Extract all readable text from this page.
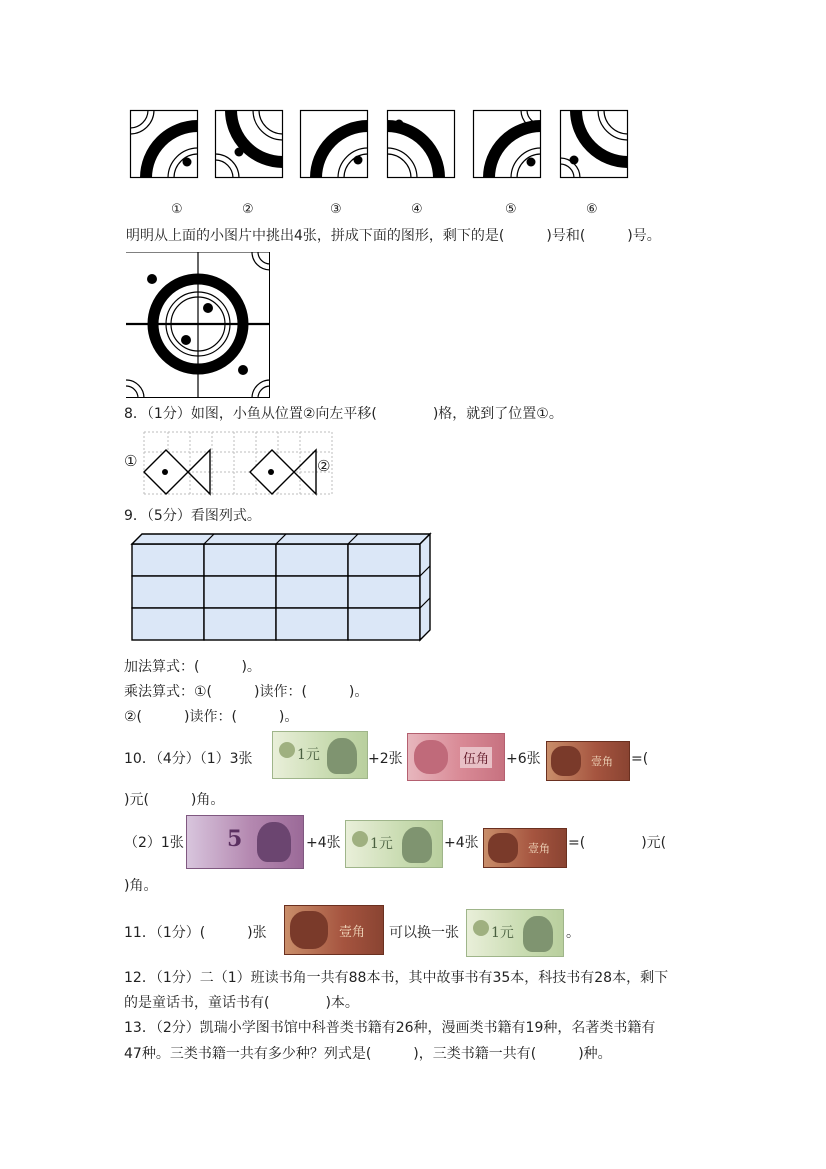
①	②	③	④	⑤	⑥
明明从上面的小图片中挑出4张，拼成下面的图形，剩下的是(　　　)号和(　　　)号。
8．（1分）如图，小鱼从位置②向左平移(　　　　)格，就到了位置①。
①	②
9．（5分）看图列式。
加法算式：(　　　)。
乘法算式：①(　　　)读作：(　　　)。
②(　　　)读作：(　　　)。
10．（4分）（1）3张	1元	+2张	伍角 +6张	壹角 =(
)元(　　　)角。
（2）1张 5	+4张 1元	+4张	壹角 =(　　　　)元(
)角。
11．（1分）(　　　)张	壹角 可以换一张 1元	。
12．（1分）二（1）班读书角一共有88本书，其中故事书有35本，科技书有28本，剩下
的是童话书，童话书有(　　　　)本。
13．（2分）凯瑞小学图书馆中科普类书籍有26种，漫画类书籍有19种，名著类书籍有
47种。三类书籍一共有多少种？列式是(　　　)，三类书籍一共有(　　　)种。
